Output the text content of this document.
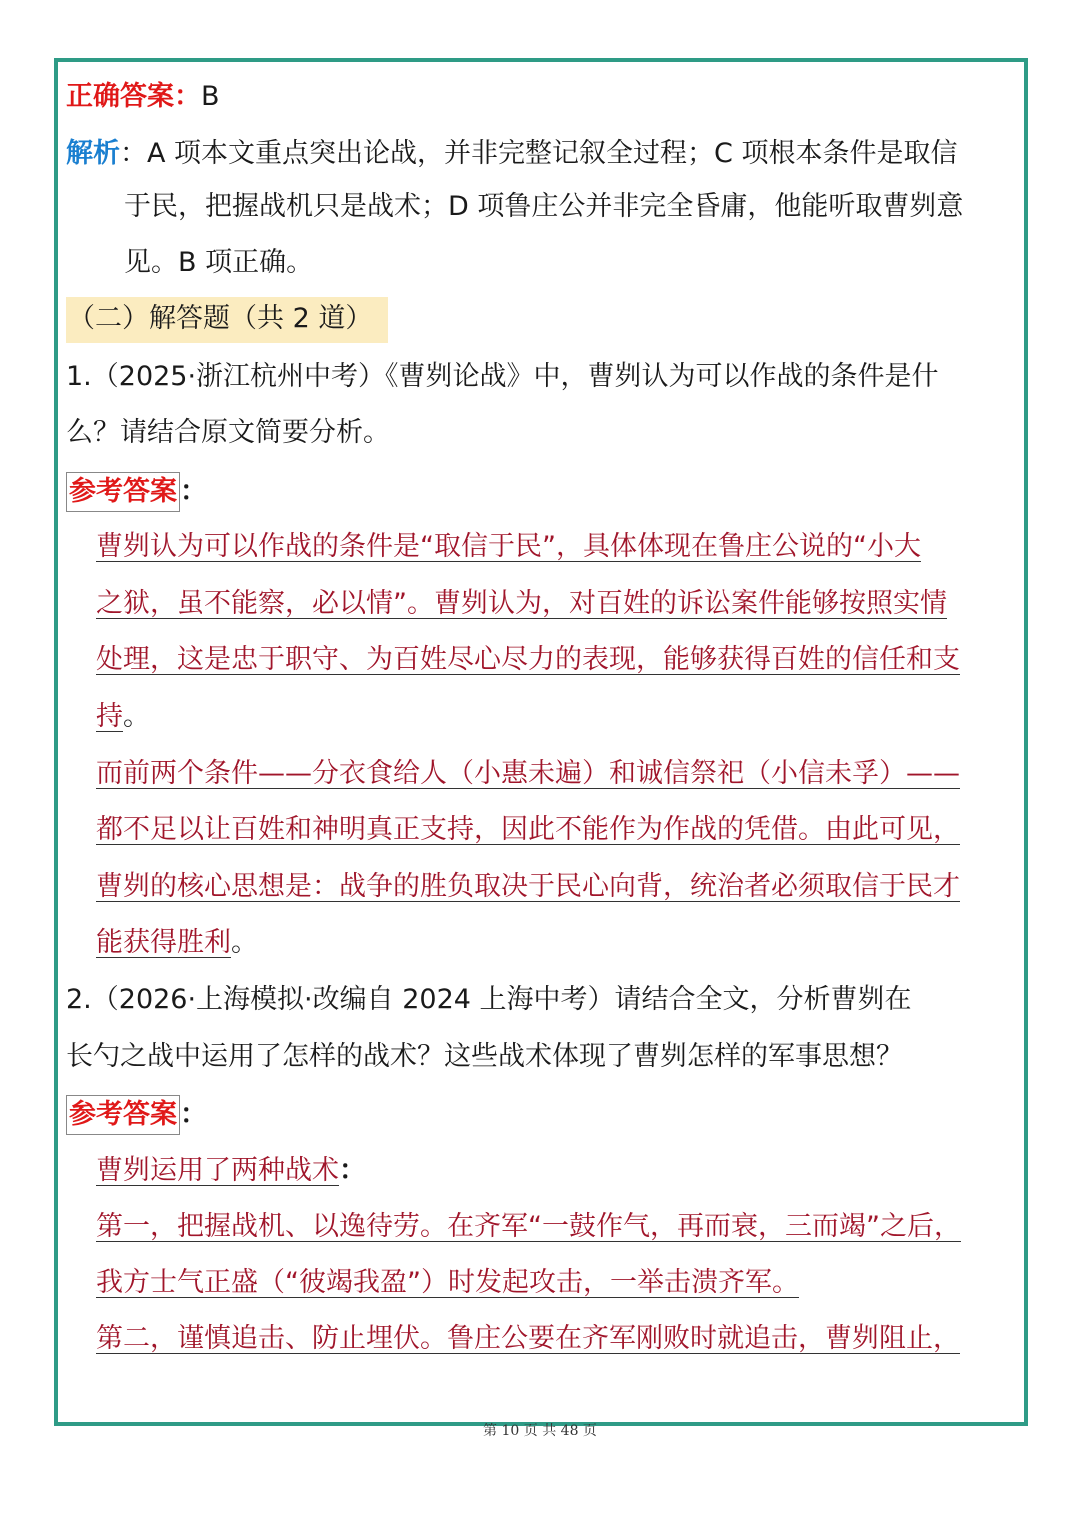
正确答案：B
解析：A 项本文重点突出论战，并非完整记叙全过程；C 项根本条件是取信
于民，把握战机只是战术；D 项鲁庄公并非完全昏庸，他能听取曹刿意
见。B 项正确。
（二）解答题（共 2 道）
1.（2025·浙江杭州中考）《曹刿论战》中，曹刿认为可以作战的条件是什
么？请结合原文简要分析。
参考答案 ：
曹刿认为可以作战的条件是“取信于民”，具体体现在鲁庄公说的“小大
之狱，虽不能察，必以情”。曹刿认为，对百姓的诉讼案件能够按照实情
处理，这是忠于职守、为百姓尽心尽力的表现，能够获得百姓的信任和支
持。
而前两个条件——分衣食给人（小惠未遍）和诚信祭祀（小信未孚）——
都不足以让百姓和神明真正支持，因此不能作为作战的凭借。由此可见，
曹刿的核心思想是：战争的胜负取决于民心向背，统治者必须取信于民才
能获得胜利。
2.（2026·上海模拟·改编自 2024 上海中考）请结合全文，分析曹刿在
长勺之战中运用了怎样的战术？这些战术体现了曹刿怎样的军事思想？
参考答案 ：
曹刿运用了两种战术：
第一，把握战机、以逸待劳。在齐军“一鼓作气，再而衰，三而竭”之后，
我方士气正盛（“彼竭我盈”）时发起攻击，一举击溃齐军。
第二，谨慎追击、防止埋伏。鲁庄公要在齐军刚败时就追击，曹刿阻止，
第 10 页 共 48 页
